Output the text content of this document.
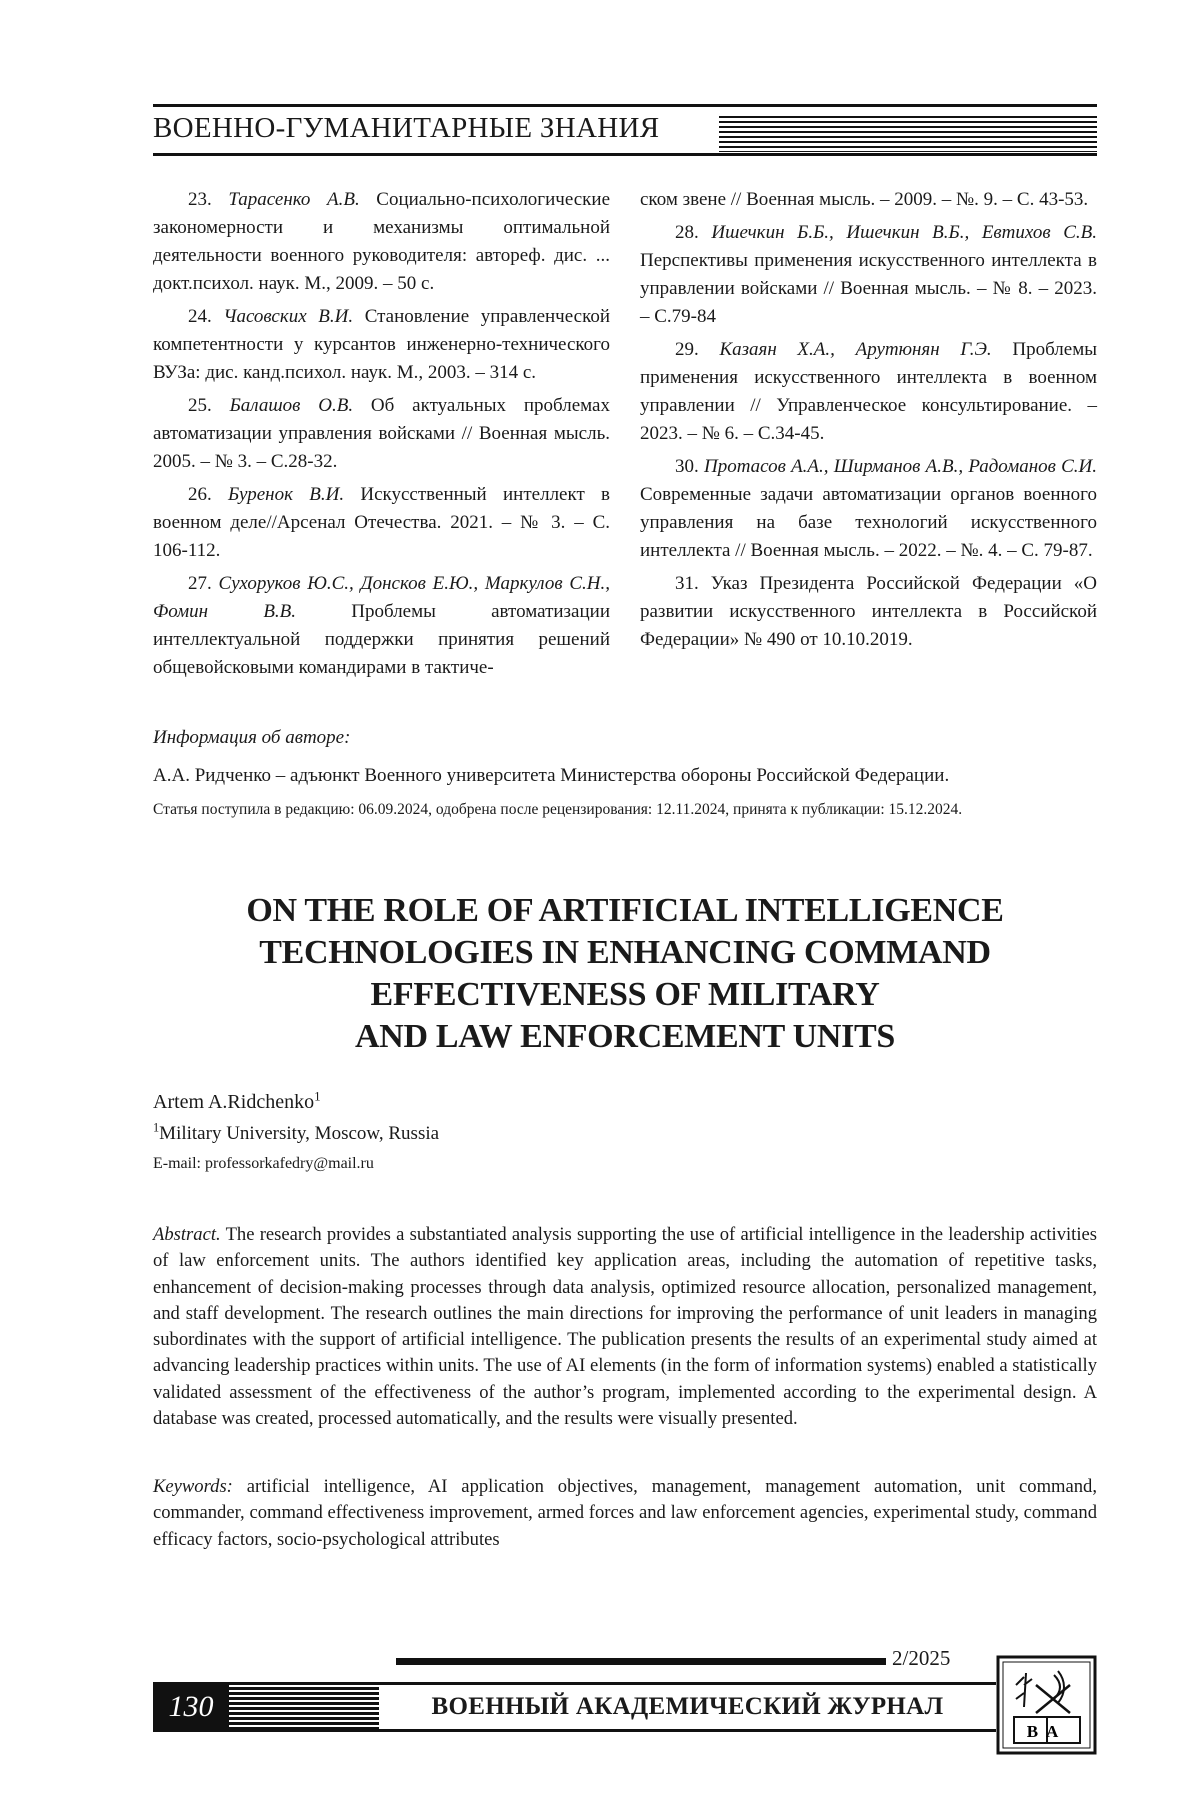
ВОЕННО-ГУМАНИТАРНЫЕ ЗНАНИЯ

23. Тарасенко А.В. Социально-психологические закономерности и механизмы оптимальной деятельности военного руководителя: автореф. дис. ... докт.психол. наук. М., 2009. – 50 с.

24. Часовских В.И. Становление управленческой компетентности у курсантов инженерно-технического ВУЗа: дис. канд.психол. наук. М., 2003. – 314 с.

25. Балашов О.В. Об актуальных проблемах автоматизации управления войсками // Военная мысль. 2005. – № 3. – С.28-32.

26. Буренок В.И. Искусственный интеллект в военном деле//Арсенал Отечества. 2021. – № 3. – С. 106-112.

27. Сухоруков Ю.С., Донсков Е.Ю., Маркулов С.Н., Фомин В.В.	Проблемы автоматизации интеллектуальной поддержки принятия решений общевойсковыми командирами в тактиче-

ском звене // Военная мысль. – 2009. – №. 9. – С. 43-53.

28. Ишечкин Б.Б., Ишечкин В.Б., Евтихов С.В. Перспективы применения искусственного интеллекта в управлении войсками // Военная мысль. – № 8. – 2023. – С.79-84

29. Казаян Х.А., Арутюнян Г.Э. Проблемы применения искусственного интеллекта в военном управлении // Управленческое консультирование. – 2023. – № 6. – С.34-45.

30. Протасов А.А., Ширманов А.В., Радоманов С.И. Современные задачи автоматизации органов военного управления на базе технологий искусственного интеллекта // Военная мысль. – 2022. – №. 4. – С. 79-87.

31. Указ Президента Российской Федерации «О развитии искусственного интеллекта в Российской Федерации» № 490 от 10.10.2019.

Информация об авторе:
А.А. Ридченко – адъюнкт Военного университета Министерства обороны Российской Федерации.
Статья поступила в редакцию: 06.09.2024, одобрена после рецензирования: 12.11.2024, принята к публикации: 15.12.2024.
ON THE ROLE OF ARTIFICIAL INTELLIGENCE
TECHNOLOGIES IN ENHANCING COMMAND
EFFECTIVENESS OF MILITARY
AND LAW ENFORCEMENT UNITS
Artem A.Ridchenko$^1$
$^1$Military University, Moscow, Russia
E-mail: professorkafedry@mail.ru

Abstract. The research provides a substantiated analysis supporting the use of artificial intelligence in the leadership activities of law enforcement units. The authors identified key application areas, including the automation of repetitive tasks, enhancement of decision-making processes through data analysis, optimized resource allocation, personalized management, and staff development. The research outlines the main directions for improving the performance of unit leaders in managing subordinates with the support of artificial intelligence. The publication presents the results of an experimental study aimed at advancing leadership practices within units. The use of AI elements (in the form of information systems) enabled a statistically validated assessment of the effectiveness of the author’s program, implemented according to the experimental design. A database was created, processed automatically, and the results were visually presented.

Keywords: artificial intelligence, AI application objectives, management, management automation, unit command, commander, command effectiveness improvement, armed forces and law enforcement agencies, experimental study, command efficacy factors, socio-psychological attributes

2/2025
130	ВОЕННЫЙ АКАДЕМИЧЕСКИЙ ЖУРНАЛ
ВА
